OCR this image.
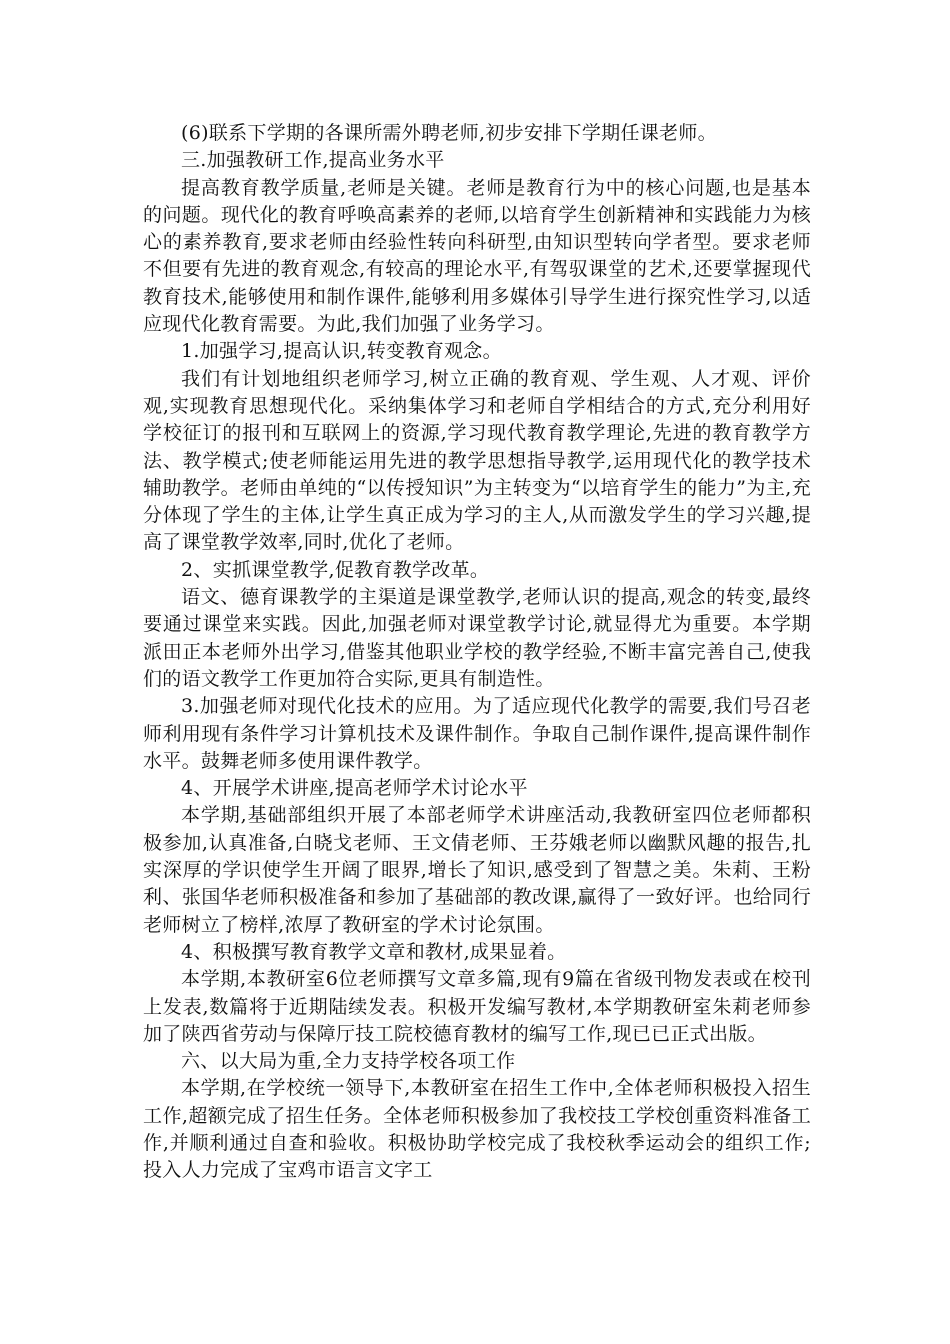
(6)联系下学期的各课所需外聘老师,初步安排下学期任课老师。

三.加强教研工作,提高业务水平

提高教育教学质量,老师是关键。老师是教育行为中的核心问题,也是基本的问题。现代化的教育呼唤高素养的老师,以培育学生创新精神和实践能力为核心的素养教育,要求老师由经验性转向科研型,由知识型转向学者型。要求老师不但要有先进的教育观念,有较高的理论水平,有驾驭课堂的艺术,还要掌握现代教育技术,能够使用和制作课件,能够利用多媒体引导学生进行探究性学习,以适应现代化教育需要。为此,我们加强了业务学习。

1.加强学习,提高认识,转变教育观念。

我们有计划地组织老师学习,树立正确的教育观、学生观、人才观、评价观,实现教育思想现代化。采纳集体学习和老师自学相结合的方式,充分利用好学校征订的报刊和互联网上的资源,学习现代教育教学理论,先进的教育教学方法、教学模式;使老师能运用先进的教学思想指导教学,运用现代化的教学技术辅助教学。老师由单纯的“以传授知识”为主转变为“以培育学生的能力”为主,充分体现了学生的主体,让学生真正成为学习的主人,从而激发学生的学习兴趣,提高了课堂教学效率,同时,优化了老师。

2、实抓课堂教学,促教育教学改革。

语文、德育课教学的主渠道是课堂教学,老师认识的提高,观念的转变,最终要通过课堂来实践。因此,加强老师对课堂教学讨论,就显得尤为重要。本学期派田正本老师外出学习,借鉴其他职业学校的教学经验,不断丰富完善自己,使我们的语文教学工作更加符合实际,更具有制造性。

3.加强老师对现代化技术的应用。为了适应现代化教学的需要,我们号召老师利用现有条件学习计算机技术及课件制作。争取自己制作课件,提高课件制作水平。鼓舞老师多使用课件教学。

4、开展学术讲座,提高老师学术讨论水平

本学期,基础部组织开展了本部老师学术讲座活动,我教研室四位老师都积极参加,认真准备,白晓戈老师、王文倩老师、王芬娥老师以幽默风趣的报告,扎实深厚的学识使学生开阔了眼界,增长了知识,感受到了智慧之美。朱莉、王粉利、张国华老师积极准备和参加了基础部的教改课,赢得了一致好评。也给同行老师树立了榜样,浓厚了教研室的学术讨论氛围。

4、积极撰写教育教学文章和教材,成果显着。

本学期,本教研室6位老师撰写文章多篇,现有9篇在省级刊物发表或在校刊上发表,数篇将于近期陆续发表。积极开发编写教材,本学期教研室朱莉老师参加了陕西省劳动与保障厅技工院校德育教材的编写工作,现已已正式出版。

六、以大局为重,全力支持学校各项工作

本学期,在学校统一领导下,本教研室在招生工作中,全体老师积极投入招生工作,超额完成了招生任务。全体老师积极参加了我校技工学校创重资料准备工作,并顺利通过自查和验收。积极协助学校完成了我校秋季运动会的组织工作;投入人力完成了宝鸡市语言文字工
